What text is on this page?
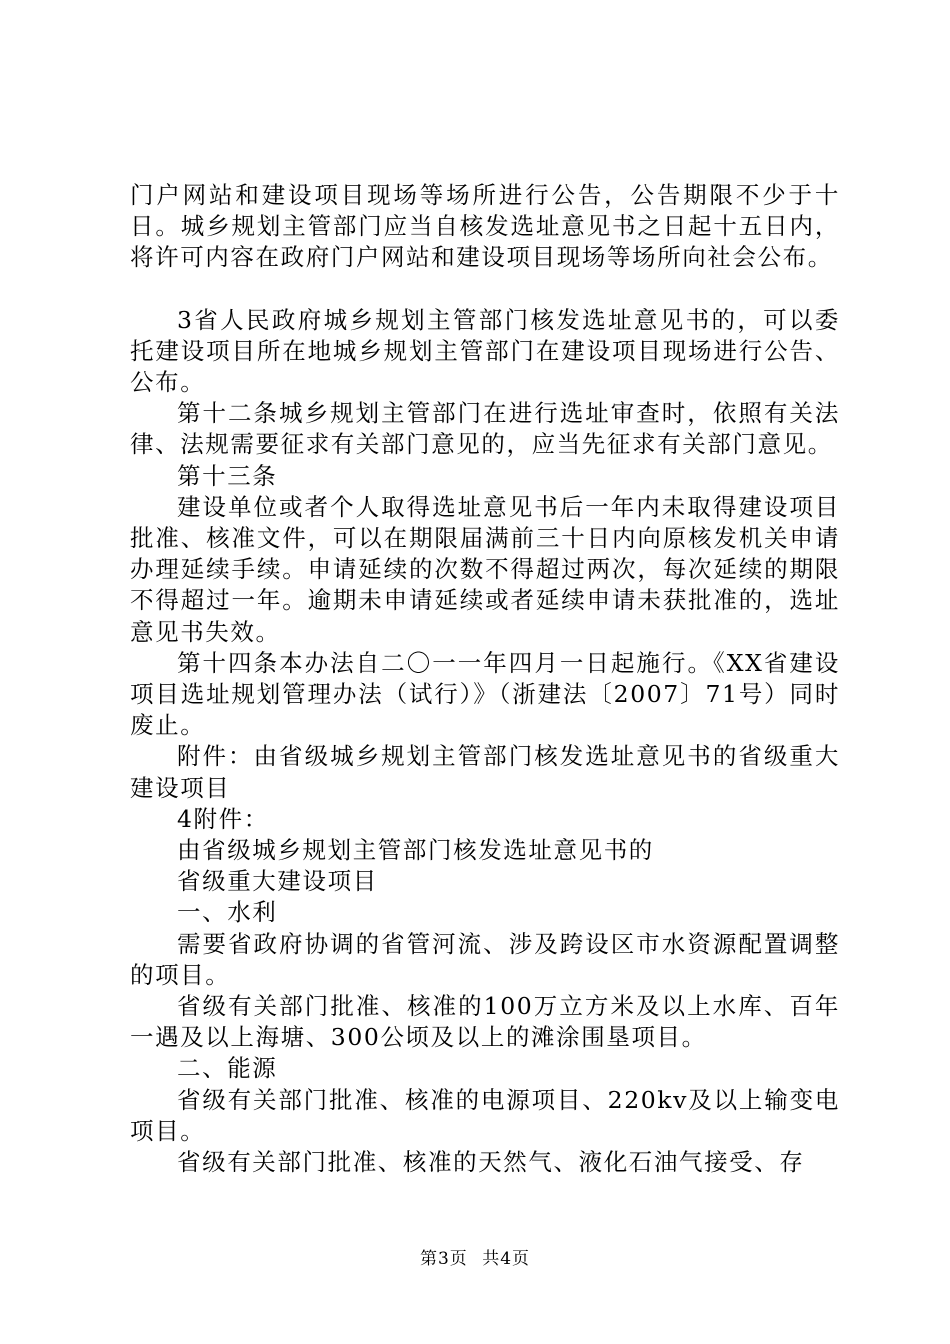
门户网站和建设项目现场等场所进行公告，公告期限不少于十日。城乡规划主管部门应当自核发选址意见书之日起十五日内，将许可内容在政府门户网站和建设项目现场等场所向社会公布。

3省人民政府城乡规划主管部门核发选址意见书的，可以委托建设项目所在地城乡规划主管部门在建设项目现场进行公告、公布。

第十二条城乡规划主管部门在进行选址审查时，依照有关法律、法规需要征求有关部门意见的，应当先征求有关部门意见。

第十三条

建设单位或者个人取得选址意见书后一年内未取得建设项目批准、核准文件，可以在期限届满前三十日内向原核发机关申请办理延续手续。申请延续的次数不得超过两次，每次延续的期限不得超过一年。逾期未申请延续或者延续申请未获批准的，选址意见书失效。

第十四条本办法自二〇一一年四月一日起施行。《XX省建设项目选址规划管理办法（试行）》（浙建法〔2007〕71号）同时废止。

附件：由省级城乡规划主管部门核发选址意见书的省级重大建设项目

4附件：

由省级城乡规划主管部门核发选址意见书的

省级重大建设项目

一、水利

需要省政府协调的省管河流、涉及跨设区市水资源配置调整的项目。

省级有关部门批准、核准的100万立方米及以上水库、百年一遇及以上海塘、300公顷及以上的滩涂围垦项目。

二、能源

省级有关部门批准、核准的电源项目、220kv及以上输变电项目。

省级有关部门批准、核准的天然气、液化石油气接受、存

第3页 共4页
